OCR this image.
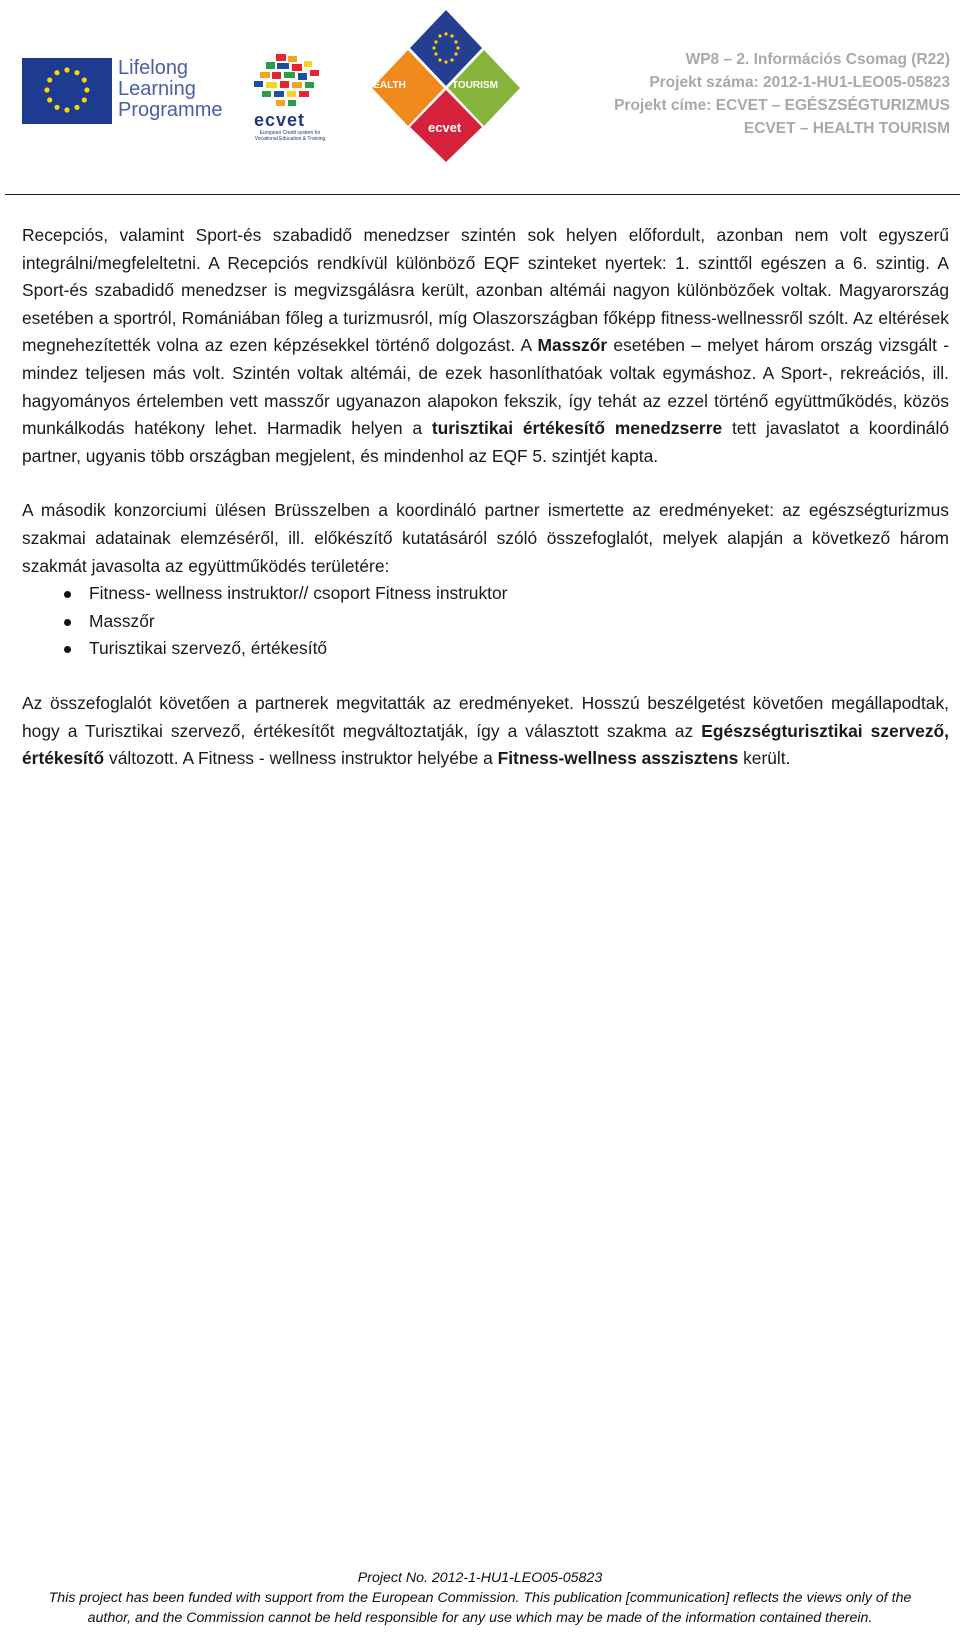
Lifelong
Learning
Programme ecvet
European Credit system for Vocational Education & Training
HEALTH	TOURISM
ecvet
WP8 – 2. Információs Csomag (R22)
Projekt száma: 2012-1-HU1-LEO05-05823
Projekt címe: ECVET – EGÉSZSÉGTURIZMUS
ECVET – HEALTH TOURISM

Recepciós, valamint Sport-és szabadidő menedzser szintén sok helyen előfordult, azonban nem volt egyszerű integrálni/megfeleltetni. A Recepciós rendkívül különböző EQF szinteket nyertek: 1. szinttől egészen a 6. szintig. A Sport-és szabadidő menedzser is megvizsgálásra került, azonban altémái nagyon különbözőek voltak. Magyarország esetében a sportról, Romániában főleg a turizmusról, míg Olaszországban főképp fitness-wellnessről szólt. Az eltérések megnehezítették volna az ezen képzésekkel történő dolgozást. A Masszőr esetében – melyet három ország vizsgált - mindez teljesen más volt. Szintén voltak altémái, de ezek hasonlíthatóak voltak egymáshoz. A Sport-, rekreációs, ill. hagyományos értelemben vett masszőr ugyanazon alapokon fekszik, így tehát az ezzel történő együttműködés, közös munkálkodás hatékony lehet. Harmadik helyen a turisztikai értékesítő menedzserre tett javaslatot a koordináló partner, ugyanis több országban megjelent, és mindenhol az EQF 5. szintjét kapta.

A második konzorciumi ülésen Brüsszelben a koordináló partner ismertette az eredményeket: az egészségturizmus szakmai adatainak elemzéséről, ill. előkészítő kutatásáról szóló összefoglalót, melyek alapján a következő három szakmát javasolta az együttműködés területére:

Fitness- wellness instruktor// csoport Fitness instruktor
Masszőr
Turisztikai szervező, értékesítő

Az összefoglalót követően a partnerek megvitatták az eredményeket. Hosszú beszélgetést követően megállapodtak, hogy a Turisztikai szervező, értékesítőt megváltoztatják, így a választott szakma az Egészségturisztikai szervező, értékesítő változott. A Fitness - wellness instruktor helyébe a Fitness-wellness asszisztens került.

Project No. 2012-1-HU1-LEO05-05823
This project has been funded with support from the European Commission. This publication [communication] reflects the views only of the
author, and the Commission cannot be held responsible for any use which may be made of the information contained therein.
